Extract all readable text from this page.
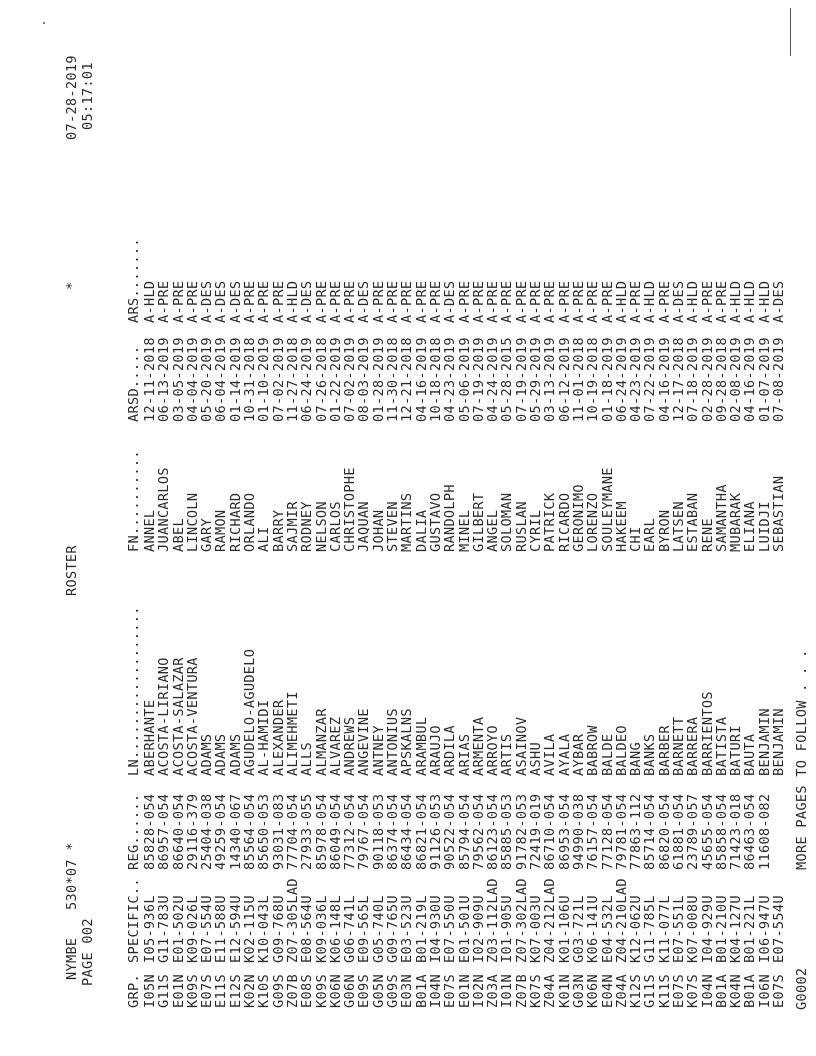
NYMBE
530*07 *
PAGE 002
ROSTER
*
07-28-2019 05:17:01
GRP.
SPECIFIC..
REG......
LN..................
FN..........
ARSD.....
ARS.......
I05N
G11S
E01N
K09S
E07S
E11S
E12S
K02N
K10S
G09S
Z07B
E08S
K09S
K06N
G06N
E09S
G05N
G09S
E03N
B01A
I04N
E07S
E01N
I02N
Z03A
I01N
Z07B
K07S
Z04A
K01N
G03N
K06N
E04N
Z04A
K12S
G11S
K11S
E07S
K07S
I04N
B01A
K04N
B01A
I06N
E07S
I05-936L
G11-783U
E01-502U
K09-026L
E07-554U
E11-588U
E12-594U
K02-115U
K10-043L
G09-768U
Z07-305LAD
E08-564U
K09-036L
K06-148L
G06-741L
E09-565L
G05-740L
G09-765U
E03-523U
B01-219L
I04-930U
E07-550U
E01-501U
I02-909U
Z03-112LAD
I01-905U
Z07-302LAD
K07-003U
Z04-212LAD
K01-106U
G03-721L
K06-141U
E04-532L
Z04-210LAD
K12-062U
G11-785L
K11-077L
E07-551L
K07-008U
I04-929U
B01-210U
K04-127U
B01-221L
I06-947U
E07-554U
85828-054
86957-054
86640-054
29116-379
25404-038
49259-054
14340-067
85564-054
85650-053
93031-083
77704-054
27933-055
85978-054
86049-054
77312-054
79767-054
90118-053
86374-054
86434-054
86821-054
91126-053
90522-054
85794-054
79562-054
86123-054
85885-053
91782-053
72419-019
86710-054
86953-054
94990-038
76157-054
77128-054
79781-054
77863-112
85714-054
86820-054
61881-054
23789-057
45655-054
85858-054
71423-018
86463-054
11608-082
ABERHANTE
ACOSTA-LIRIANO
ACOSTA-SALAZAR
ACOSTA-VENTURA
ADAMS
ADAMS
ADAMS
AGUDELO-AGUDELO
AL-HAMIDI
ALEXANDER
ALIMEHMETI
ALLS
ALMANZAR
ALVAREZ
ANDREWS
ANGEVINE
ANTNEY
ANTONIUS
APSKALNS
ARAMBUL
ARAUJO
ARDILA
ARIAS
ARMENTA
ARROYO
ARTIS
ASAINOV
ASHU
AVILA
AYALA
AYBAR
BABROW
BALDE
BALDEO
BANG
BANKS
BARBER
BARNETT
BARRERA
BARRIENTOS
BATISTA
BATURI
BAUTA
BENJAMIN
BENJAMIN
ANNEL
JUANCARLOS
ABEL
LINCOLN
GARY
RAMON
RICHARD
ORLANDO
ALI
BARRY
SAJMIR
RODNEY
NELSON
CARLOS
CHRISTOPHE
JAQUAN
JOHAN
STEVEN
MARTINS
DALIA
GUSTAVO
RANDOLPH
MINEL
GILBERT
ANGEL
SOLOMAN
RUSLAN
CYRIL
PATRICK
RICARDO
GERONIMO
LORENZO
SOULEYMANE
HAKEEM
CHI
EARL
BYRON
LATSEN
ESTABAN
RENE
SAMANTHA
MUBARAK
ELIANA
LUIDJI
SEBASTIAN
12-11-2018
06-13-2019
03-05-2019
04-04-2019
05-20-2019
06-04-2019
01-14-2019
10-31-2018
01-10-2019
07-02-2019
11-27-2018
06-24-2019
07-26-2018
01-22-2019
07-02-2019
08-03-2019
01-28-2019
11-30-2018
12-21-2018
04-16-2019
10-18-2018
04-23-2019
05-06-2019
07-19-2019
04-24-2019
05-28-2015
07-19-2019
05-29-2019
03-13-2019
06-12-2019
11-01-2018
10-19-2018
01-18-2019
06-24-2019
04-23-2019
07-22-2019
04-16-2019
12-17-2018
07-18-2019
02-28-2019
09-28-2018
02-08-2019
04-16-2019
01-07-2019
07-08-2019
A-HLD
A-PRE
A-PRE
A-PRE
A-DES
A-DES
A-DES
A-PRE
A-PRE
A-PRE
A-HLD
A-DES
A-PRE
A-PRE
A-PRE
A-DES
A-PRE
A-PRE
A-PRE
A-PRE
A-PRE
A-DES
A-PRE
A-PRE
A-PRE
A-PRE
A-PRE
A-PRE
A-PRE
A-PRE
A-PRE
A-PRE
A-PRE
A-HLD
A-PRE
A-HLD
A-PRE
A-DES
A-HLD
A-PRE
A-PRE
A-HLD
A-HLD
A-HLD
A-DES
G0002
MORE PAGES TO FOLLOW . . .
